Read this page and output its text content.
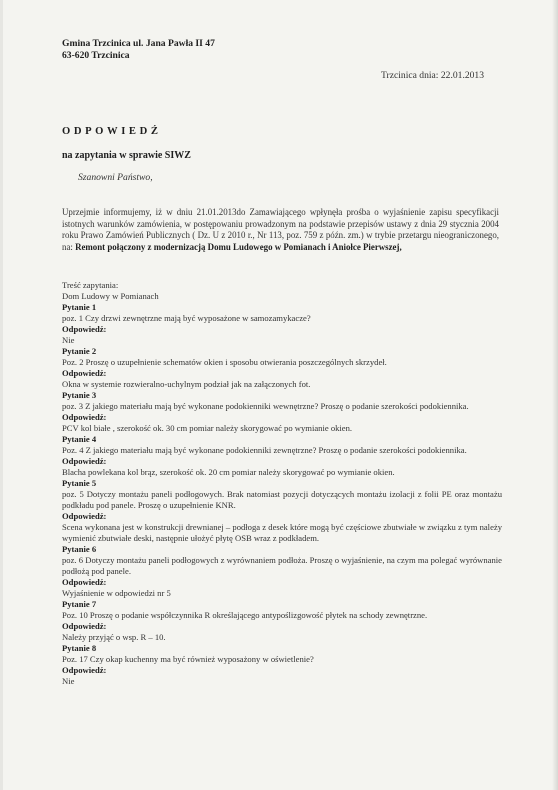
Gmina Trzcinica ul. Jana Pawła II 47
63-620 Trzcinica
Trzcinica dnia: 22.01.2013
ODPOWIEDŹ
na zapytania w sprawie SIWZ
Szanowni Państwo,
Uprzejmie informujemy, iż w dniu 21.01.2013do Zamawiającego wpłynęła prośba o wyjaśnienie zapisu specyfikacji istotnych warunków zamówienia, w postępowaniu prowadzonym na podstawie przepisów ustawy z dnia 29 stycznia 2004 roku Prawo Zamówień Publicznych ( Dz. U z 2010 r., Nr 113, poz. 759 z późn. zm.) w trybie przetargu nieograniczonego, na: Remont połączony z modernizacją Domu Ludowego w Pomianach i Aniołce Pierwszej,
Treść zapytania:
Dom Ludowy w Pomianach
Pytanie 1
poz. 1 Czy drzwi zewnętrzne mają być wyposażone w samozamykacze?
Odpowiedź:
Nie
Pytanie 2
Poz. 2 Proszę o uzupełnienie schematów okien i sposobu otwierania poszczególnych skrzydeł.
Odpowiedź:
Okna w systemie rozwieralno-uchylnym podział jak na załączonych fot.
Pytanie 3
poz. 3 Z jakiego materiału mają być wykonane podokienniki wewnętrzne? Proszę o podanie szerokości podokiennika.
Odpowiedź:
PCV kol białe , szerokość ok. 30 cm pomiar należy skorygować po wymianie okien.
Pytanie 4
Poz. 4 Z jakiego materiału mają być wykonane podokienniki zewnętrzne? Proszę o podanie szerokości podokiennika.
Odpowiedź:
Blacha powlekana kol brąz, szerokość ok. 20 cm pomiar należy skorygować po wymianie okien.
Pytanie 5
poz. 5 Dotyczy montażu paneli podłogowych. Brak natomiast pozycji dotyczących montażu izolacji z folii PE oraz montażu podkładu pod panele. Proszę o uzupełnienie KNR.
Odpowiedź:
Scena wykonana jest w konstrukcji drewnianej – podłoga z desek które mogą być częściowe zbutwiałe w związku z tym należy wymienić zbutwiałe deski, następnie ułożyć płytę OSB wraz z podkładem.
Pytanie 6
poz. 6 Dotyczy montażu paneli podłogowych z wyrównaniem podłoża. Proszę o wyjaśnienie, na czym ma polegać wyrównanie podłożą pod panele.
Odpowiedź:
Wyjaśnienie w odpowiedzi nr 5
Pytanie 7
Poz. 10 Proszę o podanie współczynnika R określającego antypoślizgowość płytek na schody zewnętrzne.
Odpowiedź:
Należy przyjąć o wsp. R – 10.
Pytanie 8
Poz. 17 Czy okap kuchenny ma być również wyposażony w oświetlenie?
Odpowiedź:
Nie
